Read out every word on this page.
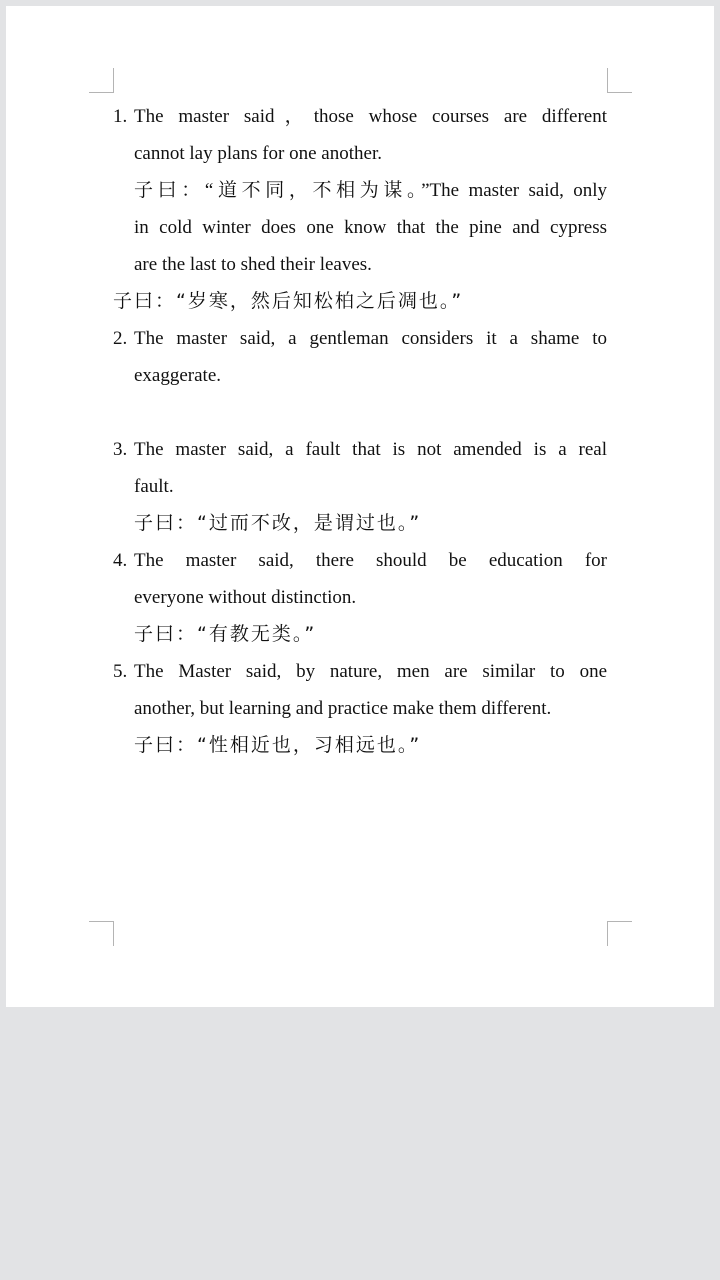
1. The master said，those whose courses are different
cannot lay plans for one another.
子曰：“道不同，不相为谋。”The master said, only
in cold winter does one know that the pine and cypress
are the last to shed their leaves.
子曰：“岁寒，然后知松柏之后凋也。”
2. The master said, a gentleman considers it a shame to
exaggerate.
3. The master said, a fault that is not amended is a real
fault.
子曰：“过而不改，是谓过也。”
4. The master said, there should be education for
everyone without distinction.
子曰：“有教无类。”
5. The Master said, by nature, men are similar to one
another, but learning and practice make them different.
子曰：“性相近也，习相远也。”
